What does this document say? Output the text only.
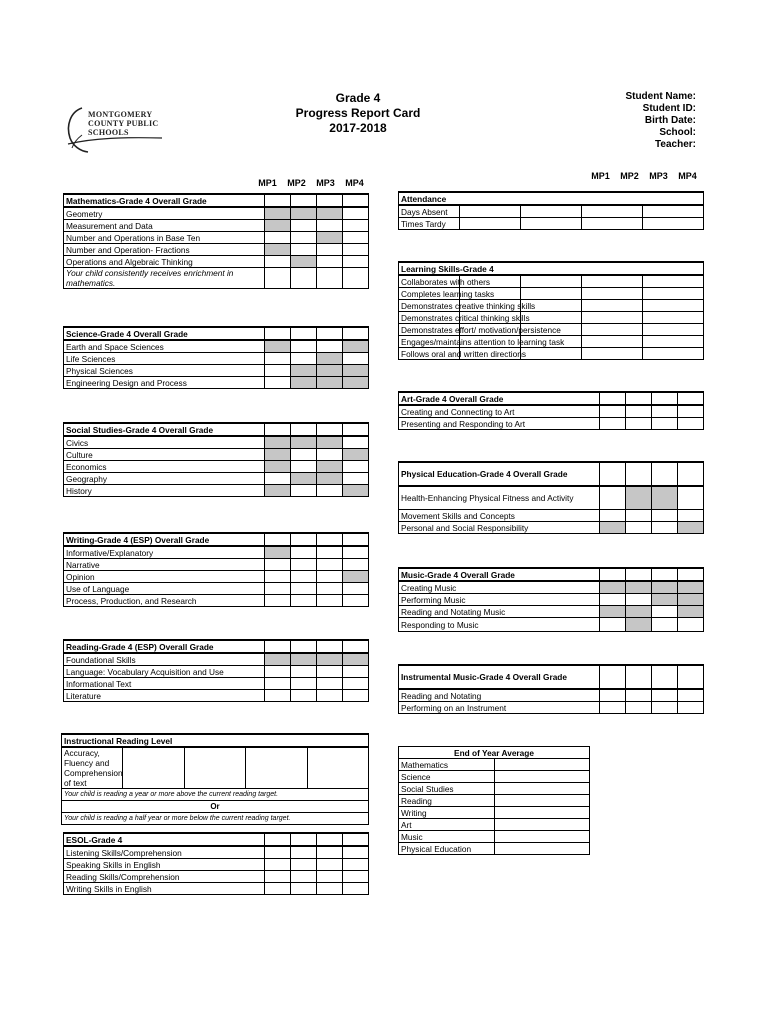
MONTGOMERY
COUNTY PUBLIC
SCHOOLS
Grade 4
Progress Report Card
2017-2018
Student Name:
Student ID:
Birth Date:
School:
Teacher:
MP1	MP2	MP3	MP4
MP1	MP2	MP3	MP4
Mathematics-Grade 4 Overall Grade				
Geometry				
Measurement and Data				
Number and Operations in Base Ten				
Number and Operation- Fractions				
Operations and Algebraic Thinking				
Your child consistently receives enrichment in mathematics.				
Science-Grade 4 Overall Grade				
Earth and Space Sciences				
Life Sciences				
Physical Sciences				
Engineering Design and Process				
Social Studies-Grade 4 Overall Grade				
Civics				
Culture				
Economics				
Geography				
History				
Writing-Grade 4 (ESP) Overall Grade				
Informative/Explanatory				
Narrative				
Opinion				
Use of Language				
Process, Production, and Research				
Reading-Grade 4 (ESP) Overall Grade				
Foundational Skills				
Language: Vocabulary Acquisition and Use				
Informational Text				
Literature				
Instructional Reading Level
Accuracy, Fluency and Comprehension of text				
Your child is reading a year or more above the current reading target.
Or
Your child is reading a half year or more below the current reading target.
ESOL-Grade 4				
Listening Skills/Comprehension				
Speaking Skills in English				
Reading Skills/Comprehension				
Writing Skills in English				
Attendance				
Days Absent				
Times Tardy				
Learning Skills-Grade 4				
Collaborates with others				
Completes learning tasks				
Demonstrates creative thinking skills				
Demonstrates critical thinking skills				
Demonstrates effort/ motivation/persistence				
Engages/maintains attention to learning task				
Follows oral and written directions				
Art-Grade 4 Overall Grade				
Creating and Connecting to Art				
Presenting and Responding to Art				
Physical Education-Grade 4 Overall Grade				
Health-Enhancing Physical Fitness and Activity				
Movement Skills and Concepts				
Personal and Social Responsibility				
Music-Grade 4 Overall Grade				
Creating Music				
Performing Music				
Reading and Notating Music				
Responding to Music				
Instrumental Music-Grade 4 Overall Grade				
Reading and Notating				
Performing on an Instrument				
End of Year Average	
Mathematics	
Science	
Social Studies	
Reading	
Writing	
Art	
Music	
Physical Education	
